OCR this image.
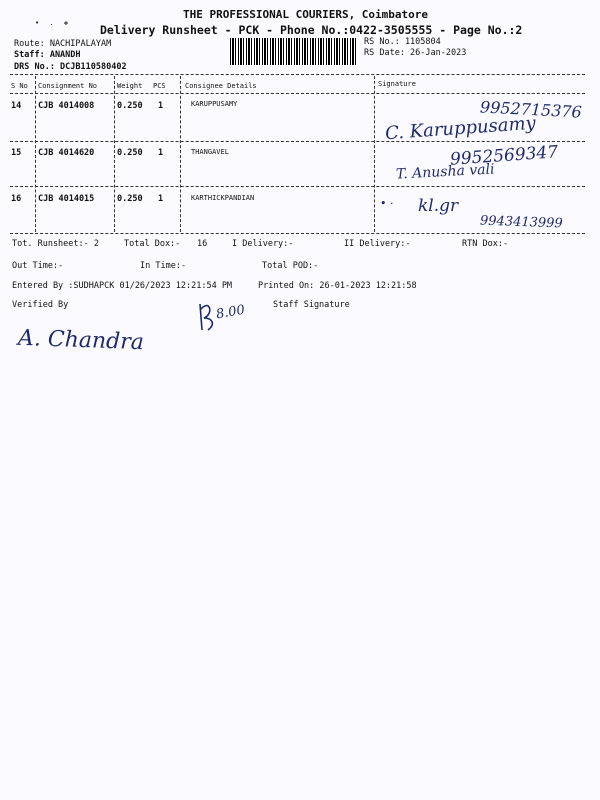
THE PROFESSIONAL COURIERS, Coimbatore
• . ❖	Delivery Runsheet - PCK - Phone No.:0422-3505555 - Page No.:2
Route: NACHIPALAYAM
Staff: ANANDH
DRS No.: DCJB110580402
RS No.: 1105804
RS Date: 26-Jan-2023
S No Consignment No	Weight PCS	Consignee Details	Signature
14 CJB 4014008	0.250 1	KARUPPUSAMY	9952715376
C. Karuppusamy
15 CJB 4014620	0.250 1	THANGAVEL	9952569347
T. Anusha vali
16 CJB 4014015	0.250 1	KARTHICKPANDIAN	• · kl.gr
9943413999
Tot. Runsheet:- 2	Total Dox:- 16	I Delivery:-	II Delivery:-	RTN Dox:-
Out Time:-	In Time:-	Total POD:-
Entered By :SUDHAPCK 01/26/2023 12:21:54 PM	Printed On: 26-01-2023 12:21:58
Verified By	Staff Signature
A. Chandra
8.00
